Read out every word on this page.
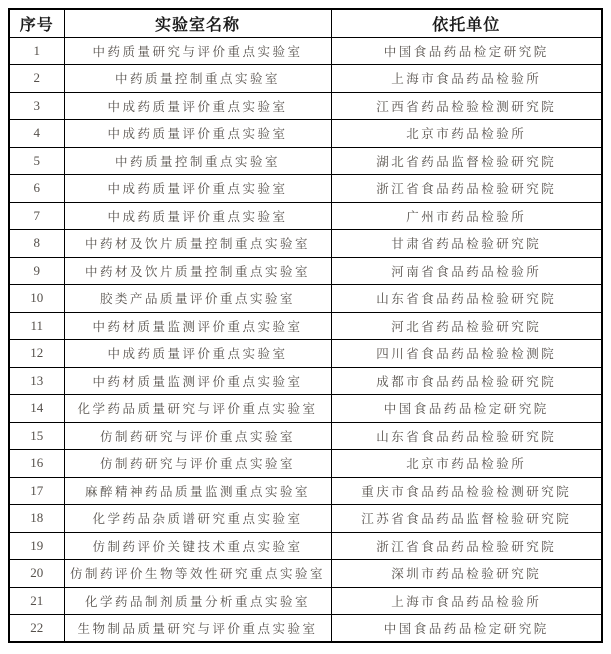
序号	实验室名称	依托单位
1	中药质量研究与评价重点实验室	中国食品药品检定研究院
2	中药质量控制重点实验室	上海市食品药品检验所
3	中成药质量评价重点实验室	江西省药品检验检测研究院
4	中成药质量评价重点实验室	北京市药品检验所
5	中药质量控制重点实验室	湖北省药品监督检验研究院
6	中成药质量评价重点实验室	浙江省食品药品检验研究院
7	中成药质量评价重点实验室	广州市药品检验所
8	中药材及饮片质量控制重点实验室	甘肃省药品检验研究院
9	中药材及饮片质量控制重点实验室	河南省食品药品检验所
10	胶类产品质量评价重点实验室	山东省食品药品检验研究院
11	中药材质量监测评价重点实验室	河北省药品检验研究院
12	中成药质量评价重点实验室	四川省食品药品检验检测院
13	中药材质量监测评价重点实验室	成都市食品药品检验研究院
14	化学药品质量研究与评价重点实验室	中国食品药品检定研究院
15	仿制药研究与评价重点实验室	山东省食品药品检验研究院
16	仿制药研究与评价重点实验室	北京市药品检验所
17	麻醉精神药品质量监测重点实验室	重庆市食品药品检验检测研究院
18	化学药品杂质谱研究重点实验室	江苏省食品药品监督检验研究院
19	仿制药评价关键技术重点实验室	浙江省食品药品检验研究院
20	仿制药评价生物等效性研究重点实验室	深圳市药品检验研究院
21	化学药品制剂质量分析重点实验室	上海市食品药品检验所
22	生物制品质量研究与评价重点实验室	中国食品药品检定研究院
